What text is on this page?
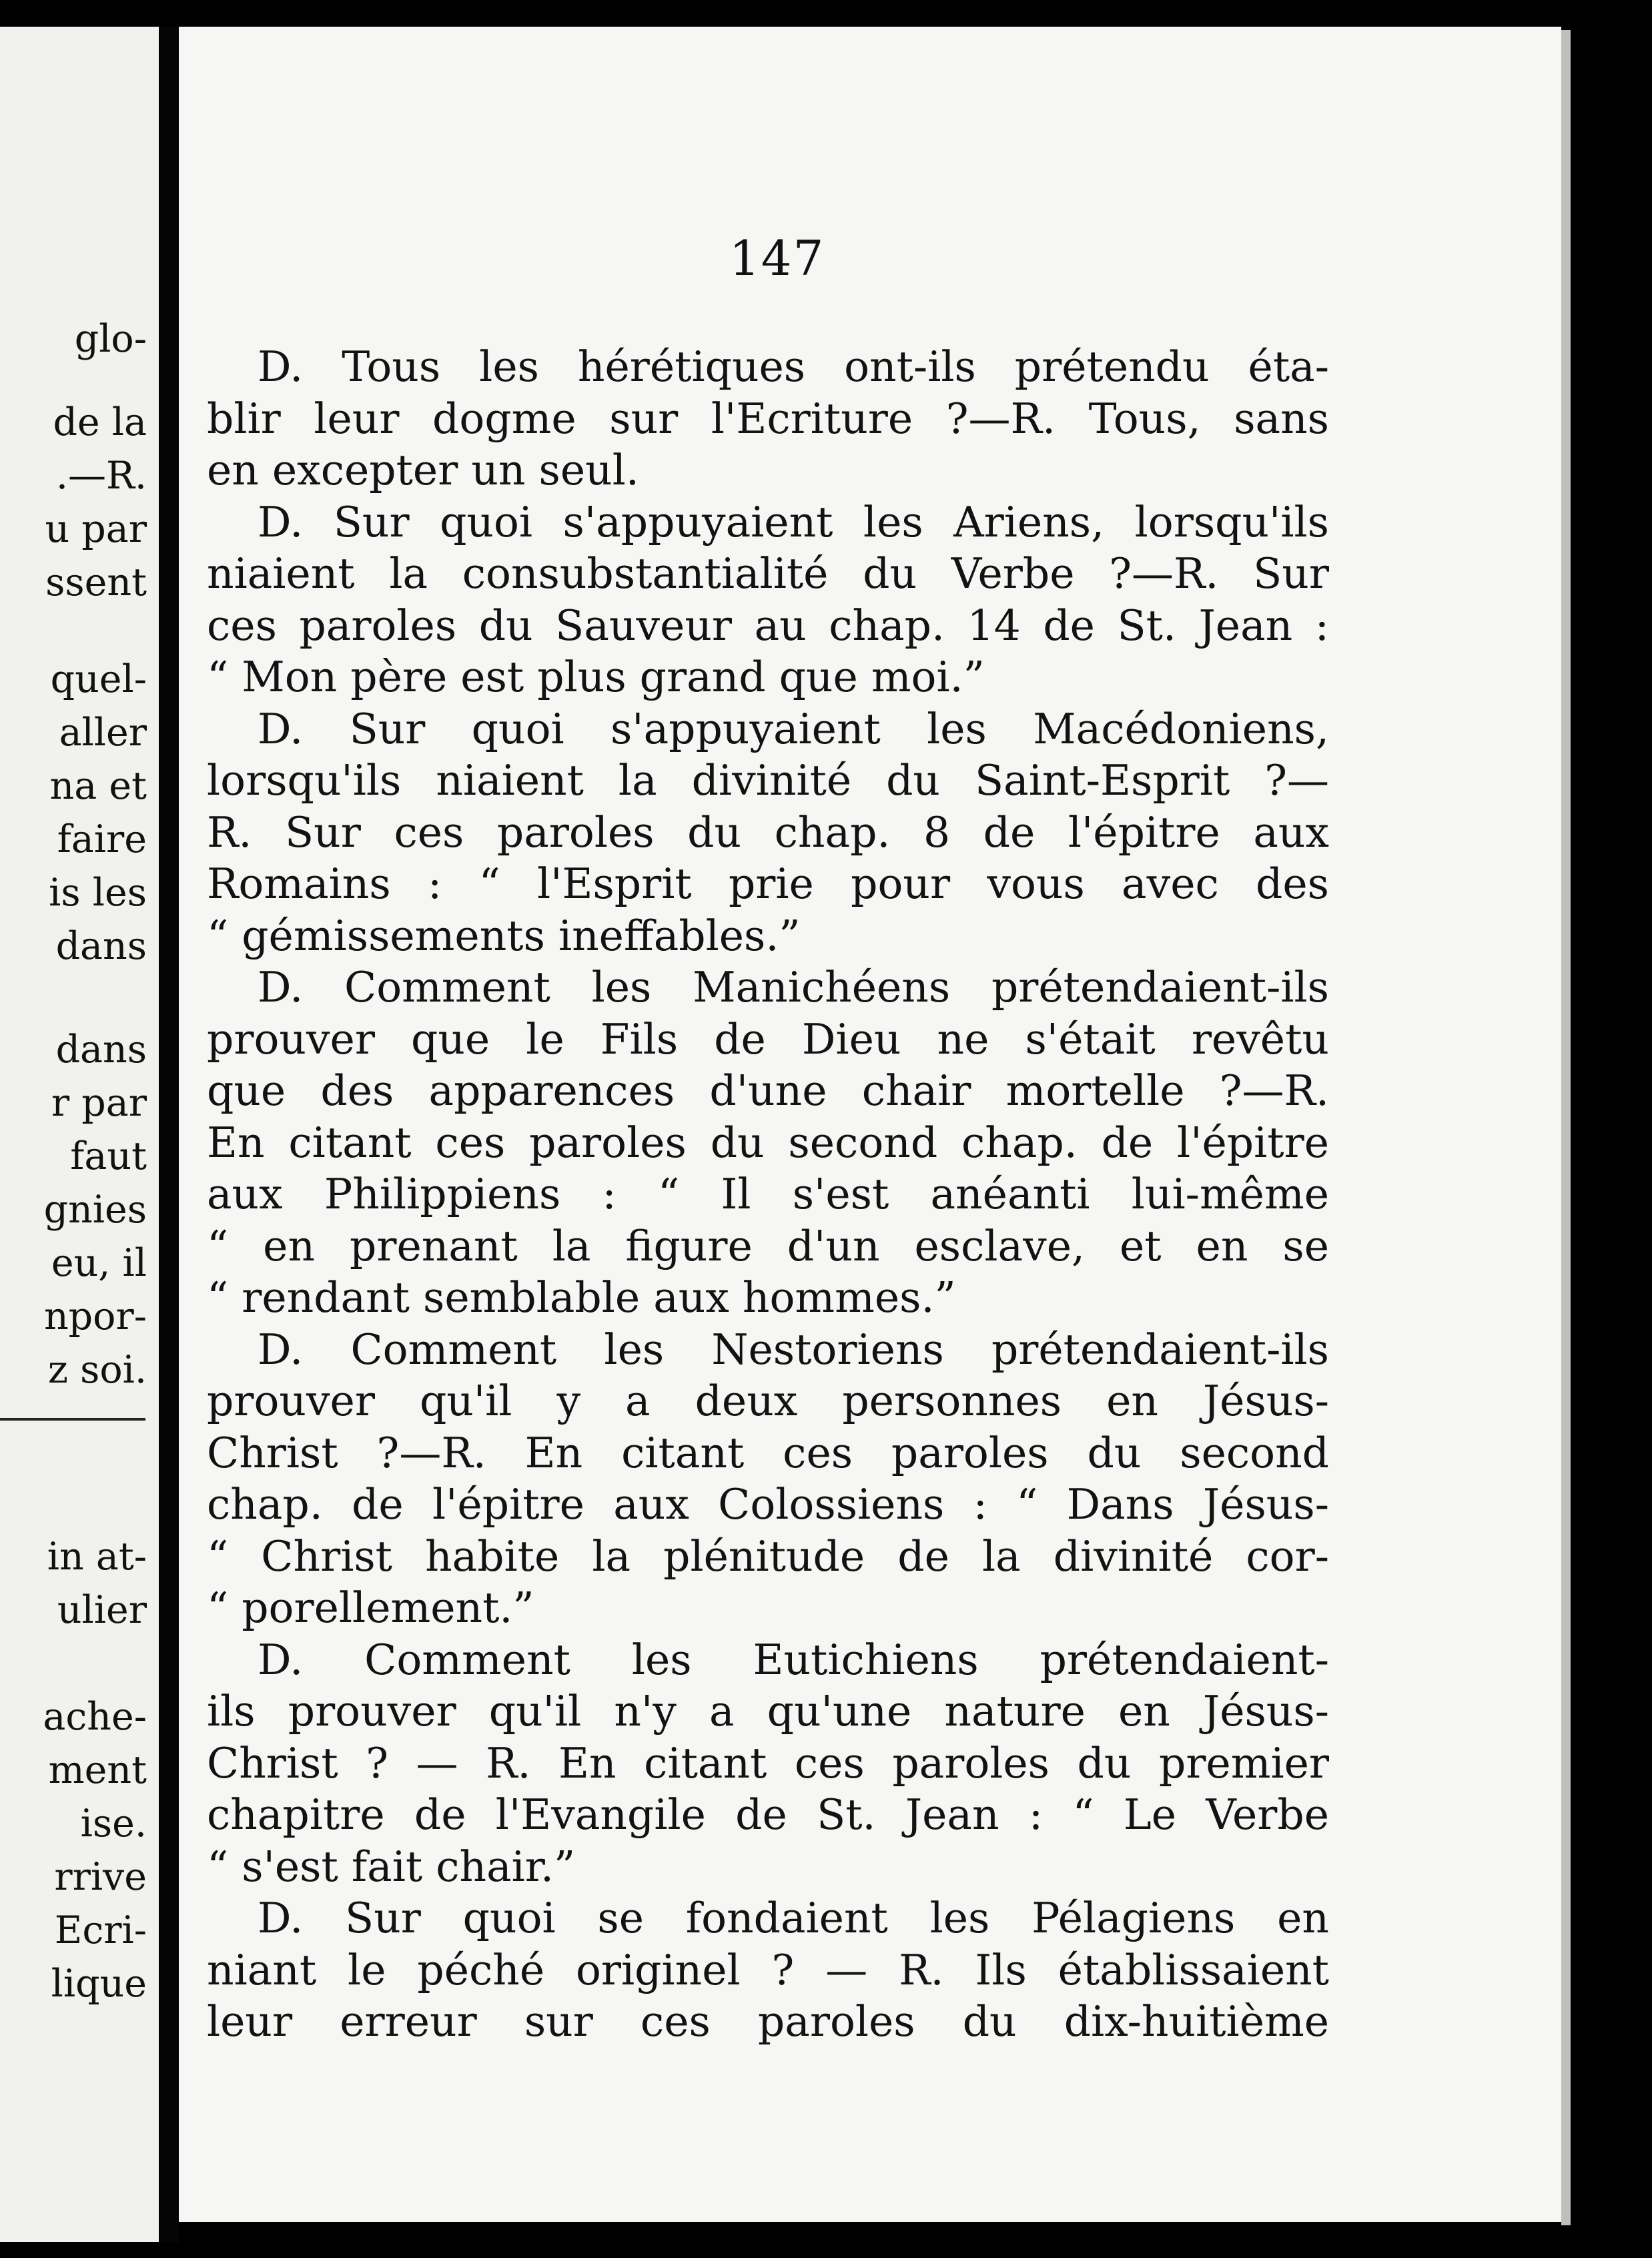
glo-
de la
.—R.
u par
ssent
quel-
aller
na et
faire
is les
dans
dans
r par
faut
gnies
eu, il
npor-
z soi.
in at-
ulier
ache-
ment
ise.
rrive
Ecri-
lique
147
D. Tous les hérétiques ont-ils prétendu éta-
blir leur dogme sur l'Ecriture ?—R. Tous, sans
en excepter un seul.
D. Sur quoi s'appuyaient les Ariens, lorsqu'ils
niaient la consubstantialité du Verbe ?—R. Sur
ces paroles du Sauveur au chap. 14 de St. Jean :
“ Mon père est plus grand que moi.”
D. Sur quoi s'appuyaient les Macédoniens,
lorsqu'ils niaient la divinité du Saint-Esprit ?—
R. Sur ces paroles du chap. 8 de l'épitre aux
Romains : “ l'Esprit prie pour vous avec des
“ gémissements ineffables.”
D. Comment les Manichéens prétendaient-ils
prouver que le Fils de Dieu ne s'était revêtu
que des apparences d'une chair mortelle ?—R.
En citant ces paroles du second chap. de l'épitre
aux Philippiens : “ Il s'est anéanti lui-même
“ en prenant la figure d'un esclave, et en se
“ rendant semblable aux hommes.”
D. Comment les Nestoriens prétendaient-ils
prouver qu'il y a deux personnes en Jésus-
Christ ?—R. En citant ces paroles du second
chap. de l'épitre aux Colossiens : “ Dans Jésus-
“ Christ habite la plénitude de la divinité cor-
“ porellement.”
D. Comment les Eutichiens prétendaient-
ils prouver qu'il n'y a qu'une nature en Jésus-
Christ ? — R. En citant ces paroles du premier
chapitre de l'Evangile de St. Jean : “ Le Verbe
“ s'est fait chair.”
D. Sur quoi se fondaient les Pélagiens en
niant le péché originel ? — R. Ils établissaient
leur erreur sur ces paroles du dix-huitième
